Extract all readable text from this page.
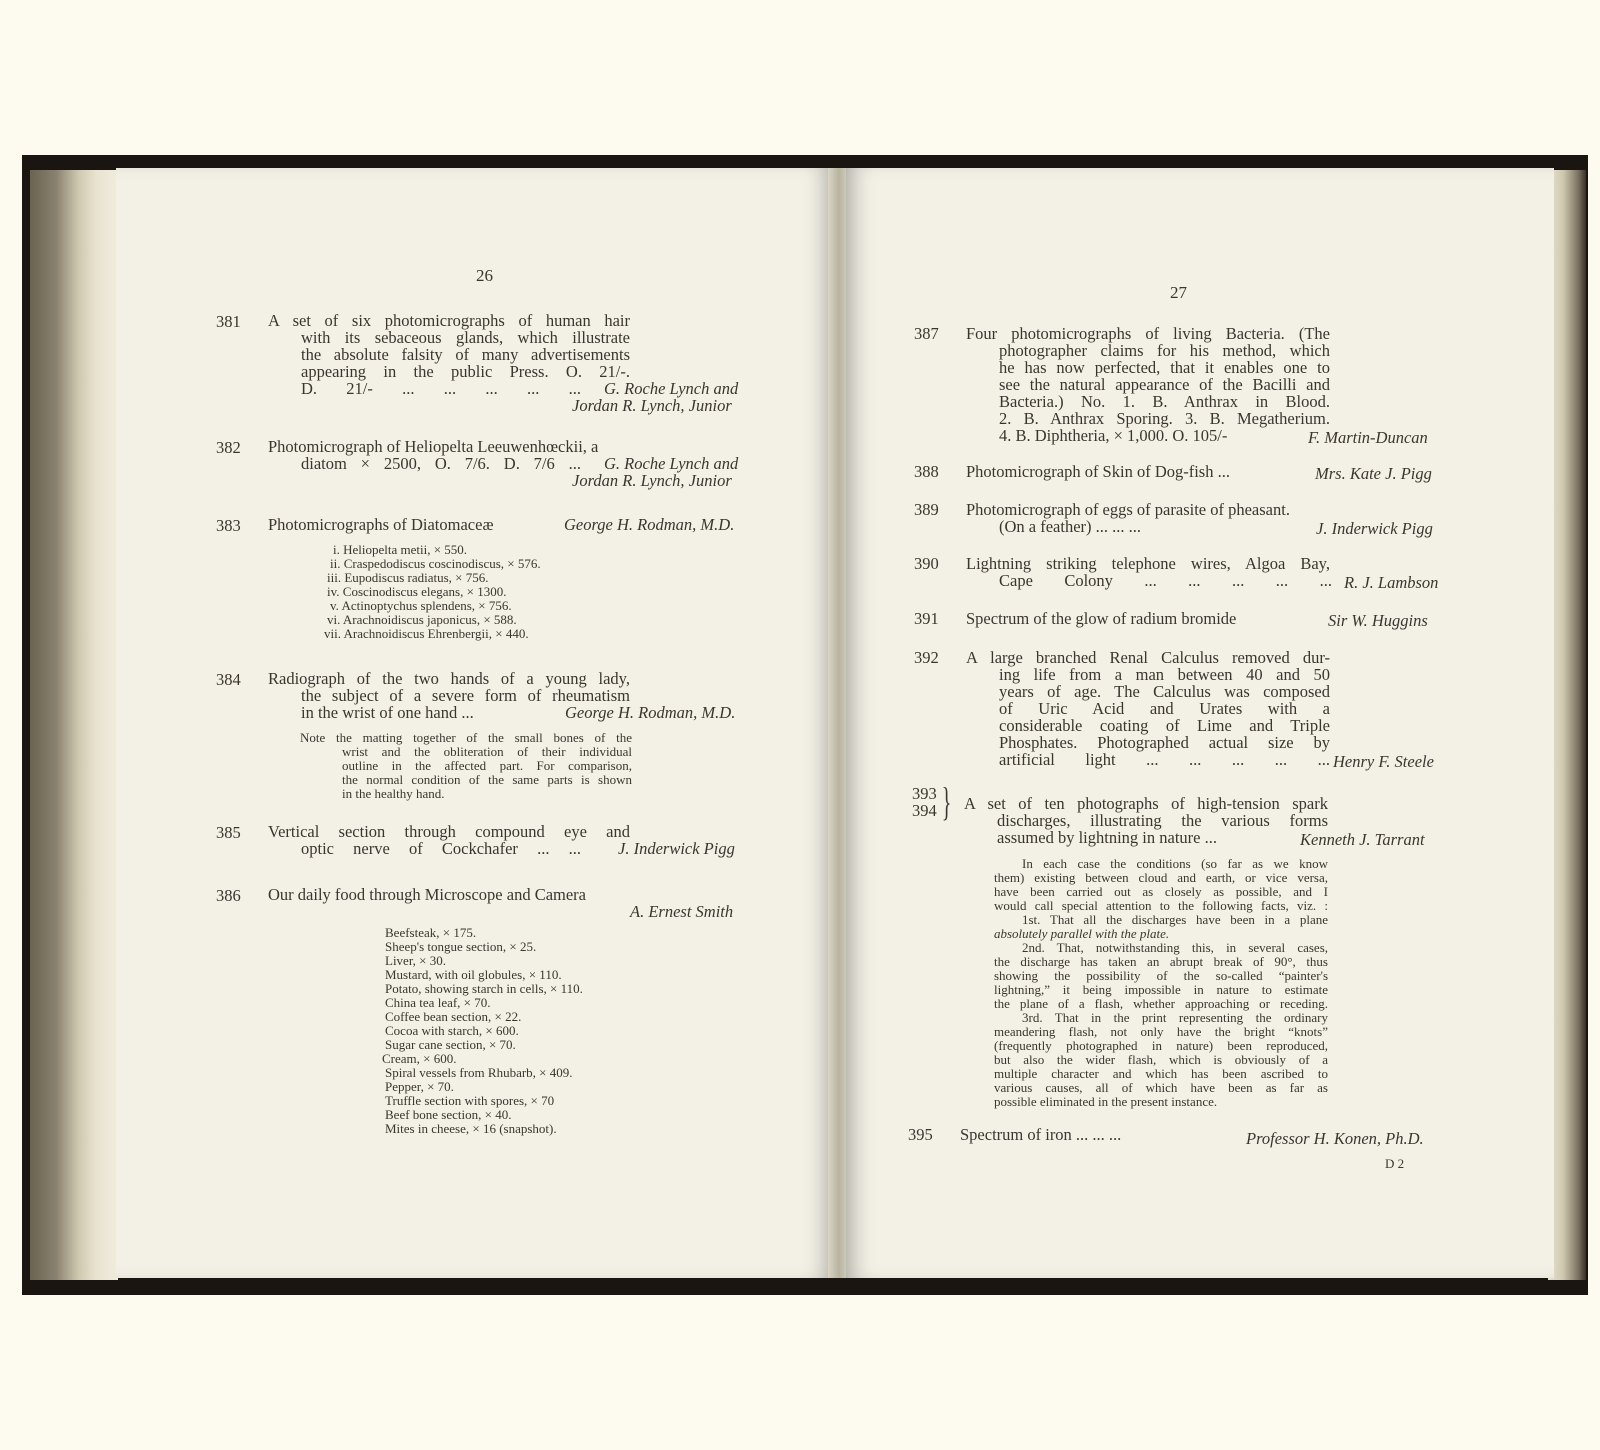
26
381 A set of six photomicrographs of human hair
with its sebaceous glands, which illustrate
the absolute falsity of many advertisements
appearing in the public Press. O. 21/-.
D. 21/- ... ... ... ... ... G. Roche Lynch and
Jordan R. Lynch, Junior
382 Photomicrograph of Heliopelta Leeuwenhœckii, a
diatom × 2500, O. 7/6. D. 7/6 ... G. Roche Lynch and
Jordan R. Lynch, Junior
383 Photomicrographs of Diatomaceæ	George H. Rodman, M.D.
i. Heliopelta metii, × 550.
ii. Craspedodiscus coscinodiscus, × 576.
iii. Eupodiscus radiatus, × 756.
iv. Coscinodiscus elegans, × 1300.
v. Actinoptychus splendens, × 756.
vi. Arachnoidiscus japonicus, × 588.
vii. Arachnoidiscus Ehrenbergii, × 440.
384 Radiograph of the two hands of a young lady,
the subject of a severe form of rheumatism
in the wrist of one hand ...	George H. Rodman, M.D.
Note the matting together of the small bones of the
wrist and the obliteration of their individual
outline in the affected part. For comparison,
the normal condition of the same parts is shown
in the healthy hand.
385 Vertical section through compound eye and
optic nerve of Cockchafer ... ... J. Inderwick Pigg
386 Our daily food through Microscope and Camera
A. Ernest Smith
Beefsteak, × 175.
Sheep's tongue section, × 25.
Liver, × 30.
Mustard, with oil globules, × 110.
Potato, showing starch in cells, × 110.
China tea leaf, × 70.
Coffee bean section, × 22.
Cocoa with starch, × 600.
Sugar cane section, × 70.
Cream, × 600.
Spiral vessels from Rhubarb, × 409.
Pepper, × 70.
Truffle section with spores, × 70
Beef bone section, × 40.
Mites in cheese, × 16 (snapshot).
27
387 Four photomicrographs of living Bacteria. (The
photographer claims for his method, which
he has now perfected, that it enables one to
see the natural appearance of the Bacilli and
Bacteria.) No. 1. B. Anthrax in Blood.
2. B. Anthrax Sporing. 3. B. Megatherium.
4. B. Diphtheria, × 1,000. O. 105/-	F. Martin-Duncan
388 Photomicrograph of Skin of Dog-fish ...	Mrs. Kate J. Pigg
389 Photomicrograph of eggs of parasite of pheasant.
(On a feather) ... ... ...	J. Inderwick Pigg
390 Lightning striking telephone wires, Algoa Bay,
Cape Colony ... ... ... ... ... R. J. Lambson
391 Spectrum of the glow of radium bromide	Sir W. Huggins
392 A large branched Renal Calculus removed dur-
ing life from a man between 40 and 50
years of age. The Calculus was composed
of Uric Acid and Urates with a
considerable coating of Lime and Triple
Phosphates. Photographed actual size by
artificial light ... ... ... ... ... Henry F. Steele
393
394 } A set of ten photographs of high-tension spark
discharges, illustrating the various forms
assumed by lightning in nature ...	Kenneth J. Tarrant
In each case the conditions (so far as we know
them) existing between cloud and earth, or vice versa,
have been carried out as closely as possible, and I
would call special attention to the following facts, viz. :
1st. That all the discharges have been in a plane
absolutely parallel with the plate.
2nd. That, notwithstanding this, in several cases,
the discharge has taken an abrupt break of 90°, thus
showing the possibility of the so-called “painter's
lightning,” it being impossible in nature to estimate
the plane of a flash, whether approaching or receding.
3rd. That in the print representing the ordinary
meandering flash, not only have the bright “knots”
(frequently photographed in nature) been reproduced,
but also the wider flash, which is obviously of a
multiple character and which has been ascribed to
various causes, all of which have been as far as
possible eliminated in the present instance.
395 Spectrum of iron ... ... ...	Professor H. Konen, Ph.D.
D 2
